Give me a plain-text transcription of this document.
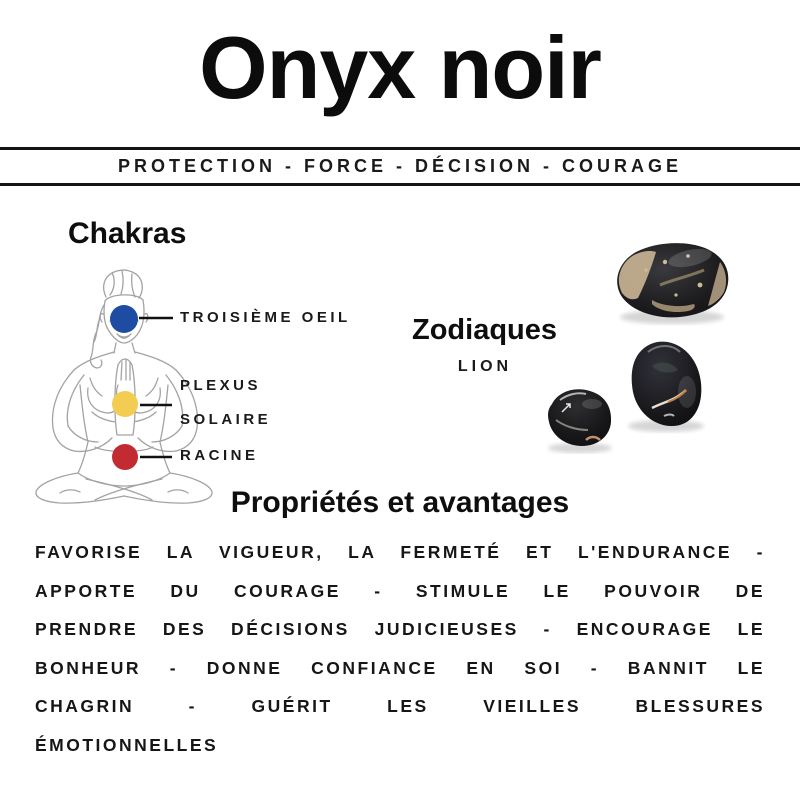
Onyx noir
PROTECTION - FORCE - DÉCISION - COURAGE
Chakras
TROISIÈME OEIL
PLEXUS
SOLAIRE
RACINE
Zodiaques
LION
Propriétés et avantages
FAVORISE LA VIGUEUR, LA FERMETÉ ET L'ENDURANCE -
APPORTE DU COURAGE - STIMULE LE POUVOIR DE
PRENDRE DES DÉCISIONS JUDICIEUSES - ENCOURAGE LE
BONHEUR - DONNE CONFIANCE EN SOI - BANNIT LE
CHAGRIN - GUÉRIT LES VIEILLES BLESSURES
ÉMOTIONNELLES
